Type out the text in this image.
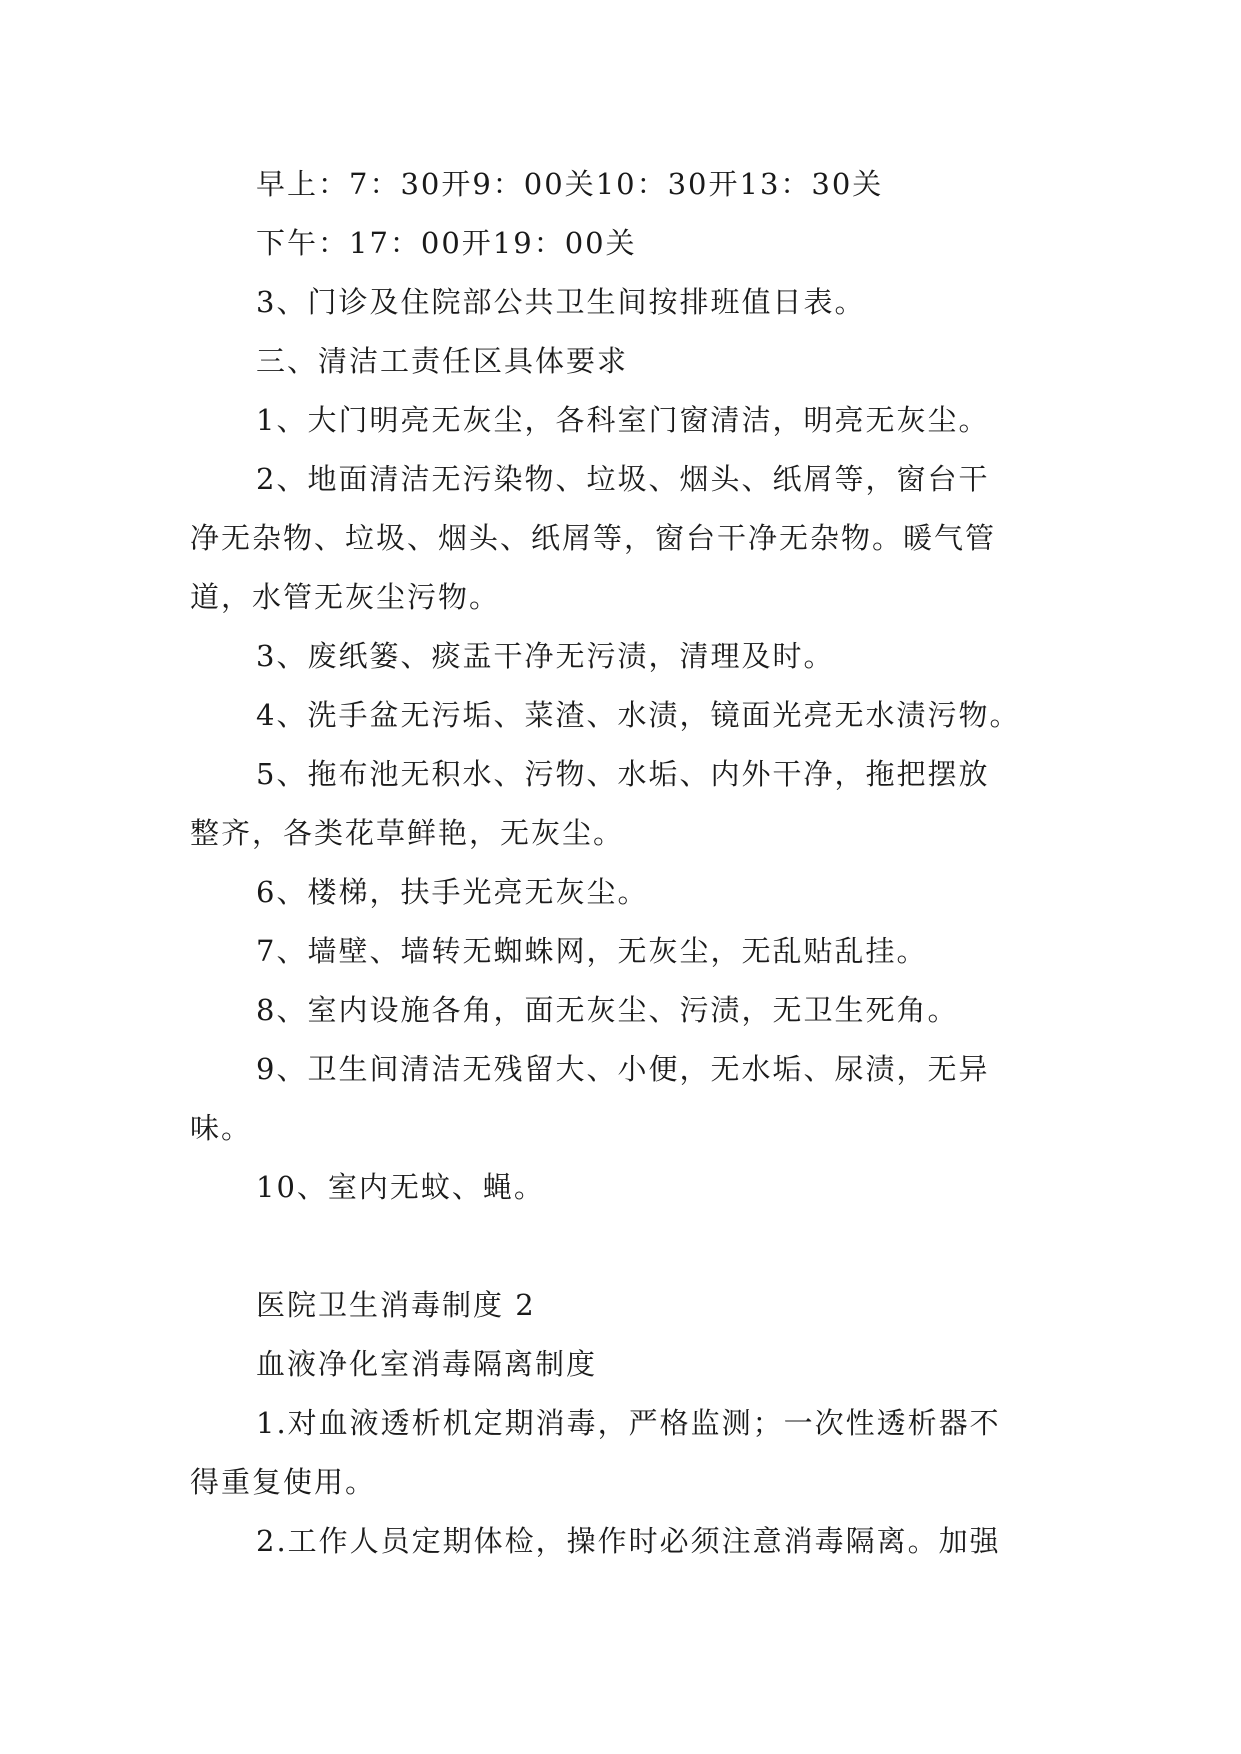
早上：7：30开9：00关10：30开13：30关
下午：17：00开19：00关
3、门诊及住院部公共卫生间按排班值日表。
三、清洁工责任区具体要求
1、大门明亮无灰尘，各科室门窗清洁，明亮无灰尘。
2、地面清洁无污染物、垃圾、烟头、纸屑等，窗台干
净无杂物、垃圾、烟头、纸屑等，窗台干净无杂物。暖气管
道，水管无灰尘污物。
3、废纸篓、痰盂干净无污渍，清理及时。
4、洗手盆无污垢、菜渣、水渍，镜面光亮无水渍污物。
5、拖布池无积水、污物、水垢、内外干净，拖把摆放
整齐，各类花草鲜艳，无灰尘。
6、楼梯，扶手光亮无灰尘。
7、墙壁、墙转无蜘蛛网，无灰尘，无乱贴乱挂。
8、室内设施各角，面无灰尘、污渍，无卫生死角。
9、卫生间清洁无残留大、小便，无水垢、尿渍，无异
味。
10、室内无蚊、蝇。
医院卫生消毒制度 2
血液净化室消毒隔离制度
1.对血液透析机定期消毒，严格监测；一次性透析器不
得重复使用。
2.工作人员定期体检，操作时必须注意消毒隔离。加强
